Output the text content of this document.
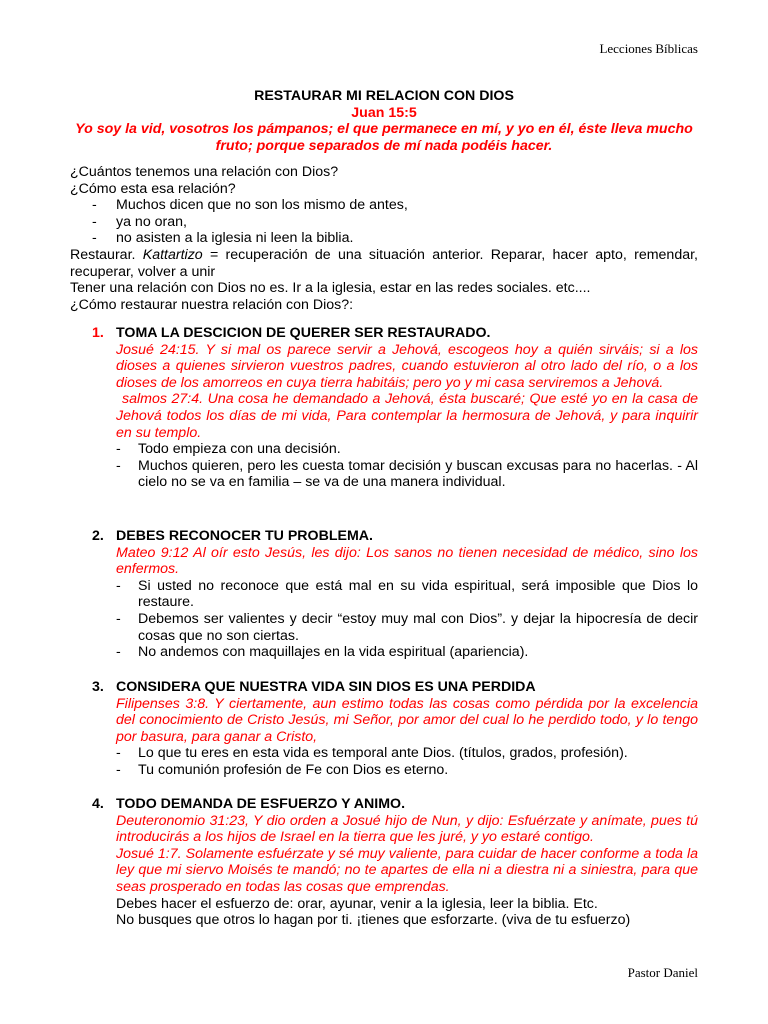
Lecciones Bíblicas
RESTAURAR MI RELACION CON DIOS
Juan 15:5
Yo soy la vid, vosotros los pámpanos; el que permanece en mí, y yo en él, éste lleva mucho fruto; porque separados de mí nada podéis hacer.
¿Cuántos tenemos una relación con Dios?
¿Cómo esta esa relación?
- Muchos dicen que no son los mismo de antes,
- ya no oran,
- no asisten a la iglesia ni leen la biblia.
Restaurar. Kattartizo = recuperación de una situación anterior. Reparar, hacer apto, remendar, recuperar, volver a unir
Tener una relación con Dios no es. Ir a la iglesia, estar en las redes sociales. etc....
¿Cómo restaurar nuestra relación con Dios?:
1. TOMA LA DESCICION DE QUERER SER RESTAURADO.
Josué 24:15. Y si mal os parece servir a Jehová, escogeos hoy a quién sirváis; si a los dioses a quienes sirvieron vuestros padres, cuando estuvieron al otro lado del río, o a los dioses de los amorreos en cuya tierra habitáis; pero yo y mi casa serviremos a Jehová.
salmos 27:4. Una cosa he demandado a Jehová, ésta buscaré; Que esté yo en la casa de Jehová todos los días de mi vida, Para contemplar la hermosura de Jehová, y para inquirir en su templo.
- Todo empieza con una decisión.
- Muchos quieren, pero les cuesta tomar decisión y buscan excusas para no hacerlas. - Al cielo no se va en familia – se va de una manera individual.
2. DEBES RECONOCER TU PROBLEMA.
Mateo 9:12 Al oír esto Jesús, les dijo: Los sanos no tienen necesidad de médico, sino los enfermos.
- Si usted no reconoce que está mal en su vida espiritual, será imposible que Dios lo restaure.
- Debemos ser valientes y decir “estoy muy mal con Dios”. y dejar la hipocresía de decir cosas que no son ciertas.
- No andemos con maquillajes en la vida espiritual (apariencia).
3. CONSIDERA QUE NUESTRA VIDA SIN DIOS ES UNA PERDIDA
Filipenses 3:8. Y ciertamente, aun estimo todas las cosas como pérdida por la excelencia del conocimiento de Cristo Jesús, mi Señor, por amor del cual lo he perdido todo, y lo tengo por basura, para ganar a Cristo,
- Lo que tu eres en esta vida es temporal ante Dios. (títulos, grados, profesión).
- Tu comunión profesión de Fe con Dios es eterno.
4. TODO DEMANDA DE ESFUERZO Y ANIMO.
Deuteronomio 31:23, Y dio orden a Josué hijo de Nun, y dijo: Esfuérzate y anímate, pues tú introducirás a los hijos de Israel en la tierra que les juré, y yo estaré contigo.
Josué 1:7. Solamente esfuérzate y sé muy valiente, para cuidar de hacer conforme a toda la ley que mi siervo Moisés te mandó; no te apartes de ella ni a diestra ni a siniestra, para que seas prosperado en todas las cosas que emprendas.
Debes hacer el esfuerzo de: orar, ayunar, venir a la iglesia, leer la biblia. Etc.
No busques que otros lo hagan por ti. ¡tienes que esforzarte. (viva de tu esfuerzo)
Pastor Daniel
